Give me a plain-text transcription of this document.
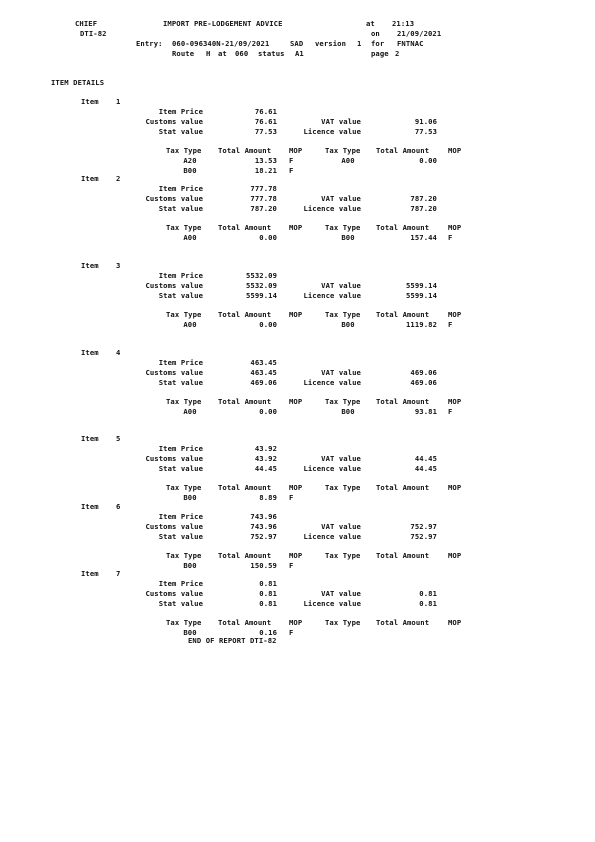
CHIEF
DTI-82
IMPORT PRE-LODGEMENT ADVICE	at 21:13
on 21/09/2021
Entry: 060-096340N-21/09/2021	SAD version 1 for FNTNAC
Route H at 060 status A1	page 2
ITEM DETAILS
Item 1
Item Price	76.61
Customs value	76.61	VAT value	91.06
Stat value	77.53	Licence value	77.53
Tax Type Total Amount MOP	Tax Type Total Amount	MOP
A20	13.53 F	A00	0.00
B00	18.21 F
Item 2
Item Price	777.78
Customs value	777.78	VAT value	787.20
Stat value	787.20	Licence value	787.20
Tax Type Total Amount MOP	Tax Type Total Amount	MOP
A00	0.00	B00	157.44 F
Item 3
Item Price	5532.09
Customs value	5532.09	VAT value	5599.14
Stat value	5599.14	Licence value	5599.14
Tax Type Total Amount MOP	Tax Type Total Amount	MOP
A00	0.00	B00	1119.82 F
Item 4
Item Price	463.45
Customs value	463.45	VAT value	469.06
Stat value	469.06	Licence value	469.06
Tax Type Total Amount MOP	Tax Type Total Amount	MOP
A00	0.00	B00	93.81 F
Item 5
Item Price	43.92
Customs value	43.92	VAT value	44.45
Stat value	44.45	Licence value	44.45
Tax Type Total Amount MOP	Tax Type Total Amount	MOP
B00	8.89 F
Item 6
Item Price	743.96
Customs value	743.96	VAT value	752.97
Stat value	752.97	Licence value	752.97
Tax Type Total Amount MOP	Tax Type Total Amount	MOP
B00	150.59 F
Item 7
Item Price	0.81
Customs value	0.81	VAT value	0.81
Stat value	0.81	Licence value	0.81
Tax Type Total Amount MOP	Tax Type Total Amount	MOP
B00	0.16 F
END OF REPORT DTI-82
